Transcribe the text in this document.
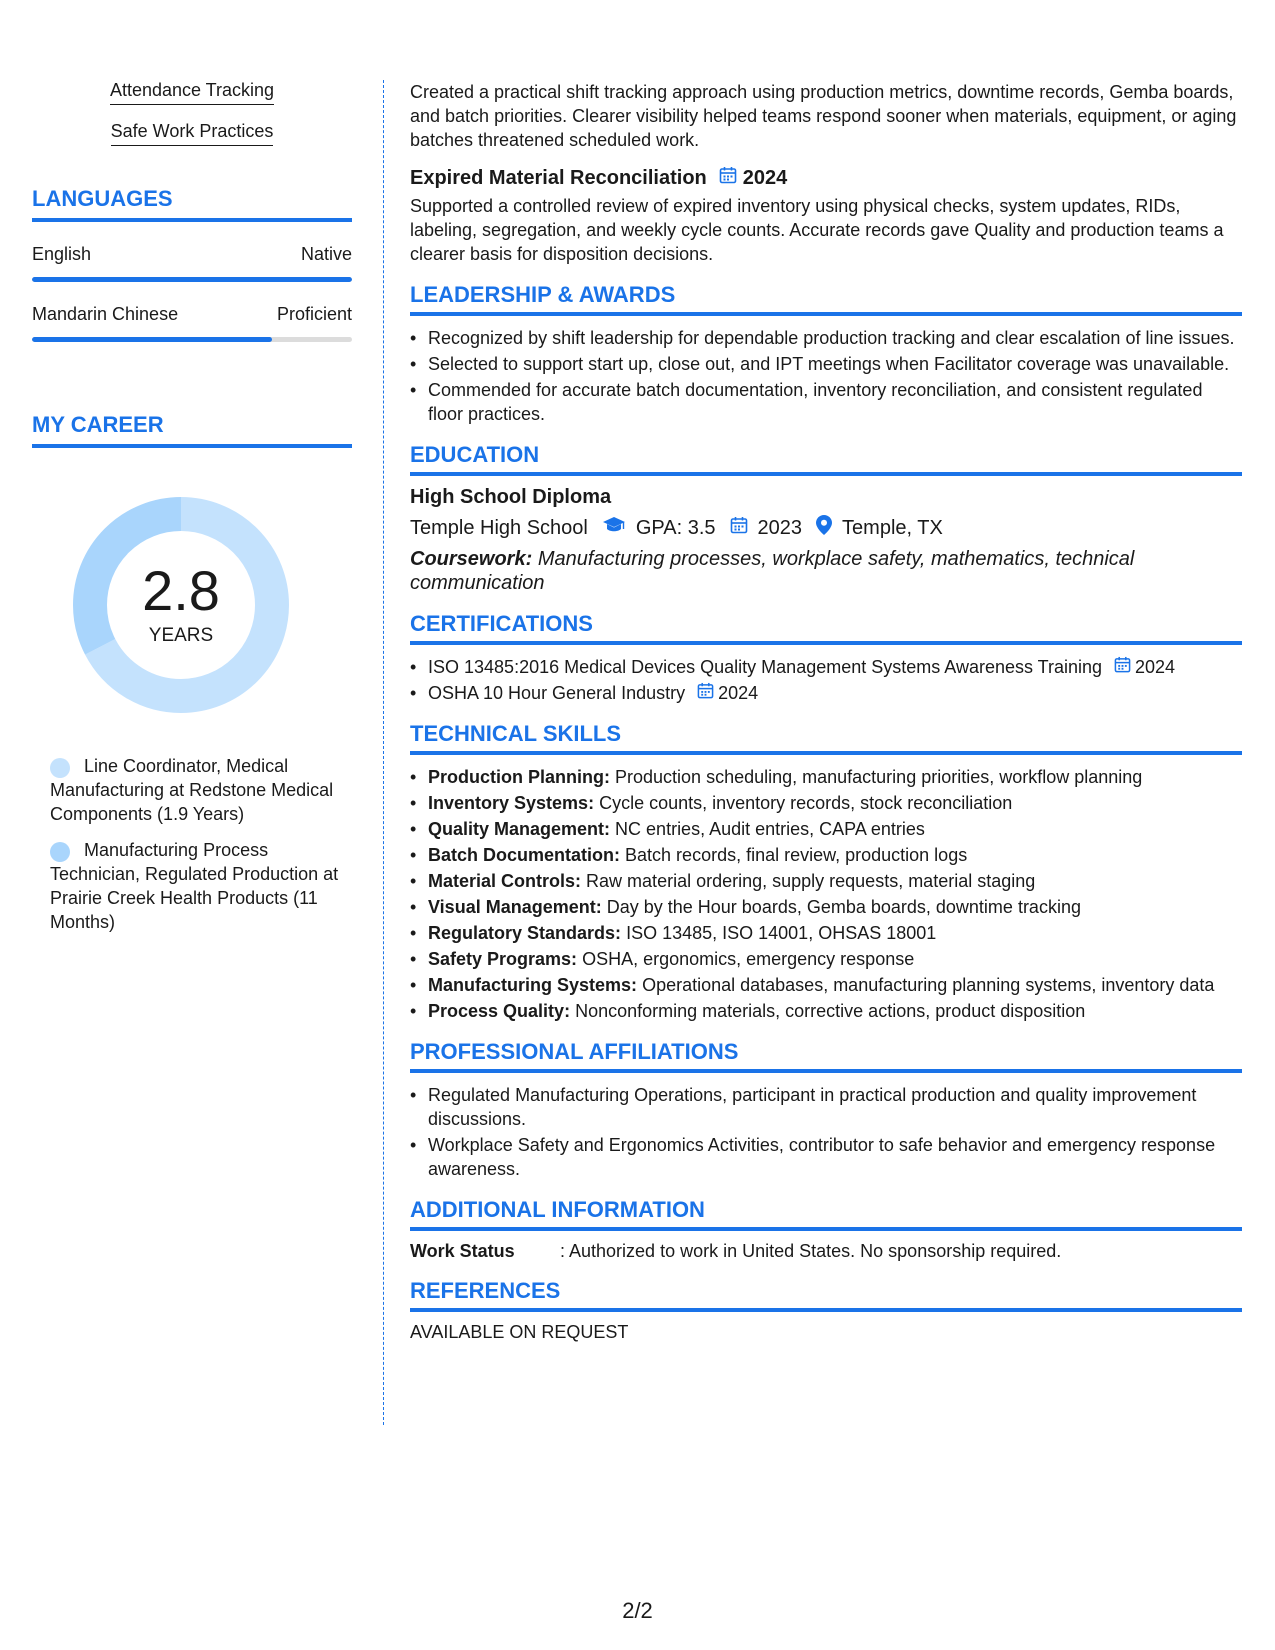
Attendance Tracking
Safe Work Practices
LANGUAGES
English	Native
Mandarin Chinese	Proficient
MY CAREER
2.8
YEARS
Line Coordinator, Medical Manufacturing at Redstone Medical Components (1.9 Years)
Manufacturing Process Technician, Regulated Production at Prairie Creek Health Products (11 Months)

Created a practical shift tracking approach using production metrics, downtime records, Gemba boards, and batch priorities. Clearer visibility helped teams respond sooner when materials, equipment, or aging batches threatened scheduled work.

Expired Material Reconciliation 2024

Supported a controlled review of expired inventory using physical checks, system updates, RIDs, labeling, segregation, and weekly cycle counts. Accurate records gave Quality and production teams a clearer basis for disposition decisions.

LEADERSHIP & AWARDS
• Recognized by shift leadership for dependable production tracking and clear escalation of line issues.
• Selected to support start up, close out, and IPT meetings when Facilitator coverage was unavailable.
• Commended for accurate batch documentation, inventory reconciliation, and consistent regulated floor practices.
EDUCATION
High School Diploma
Temple High School GPA: 3.5 2023 Temple, TX

Coursework: Manufacturing processes, workplace safety, mathematics, technical communication

CERTIFICATIONS
• ISO 13485:2016 Medical Devices Quality Management Systems Awareness Training 2024
• OSHA 10 Hour General Industry 2024
TECHNICAL SKILLS
• Production Planning: Production scheduling, manufacturing priorities, workflow planning
• Inventory Systems: Cycle counts, inventory records, stock reconciliation
• Quality Management: NC entries, Audit entries, CAPA entries
• Batch Documentation: Batch records, final review, production logs
• Material Controls: Raw material ordering, supply requests, material staging
• Visual Management: Day by the Hour boards, Gemba boards, downtime tracking
• Regulatory Standards: ISO 13485, ISO 14001, OHSAS 18001
• Safety Programs: OSHA, ergonomics, emergency response
• Manufacturing Systems: Operational databases, manufacturing planning systems, inventory data
• Process Quality: Nonconforming materials, corrective actions, product disposition
PROFESSIONAL AFFILIATIONS
• Regulated Manufacturing Operations, participant in practical production and quality improvement discussions.
• Workplace Safety and Ergonomics Activities, contributor to safe behavior and emergency response awareness.
ADDITIONAL INFORMATION
Work Status	: Authorized to work in United States. No sponsorship required.
REFERENCES
AVAILABLE ON REQUEST
2/2
